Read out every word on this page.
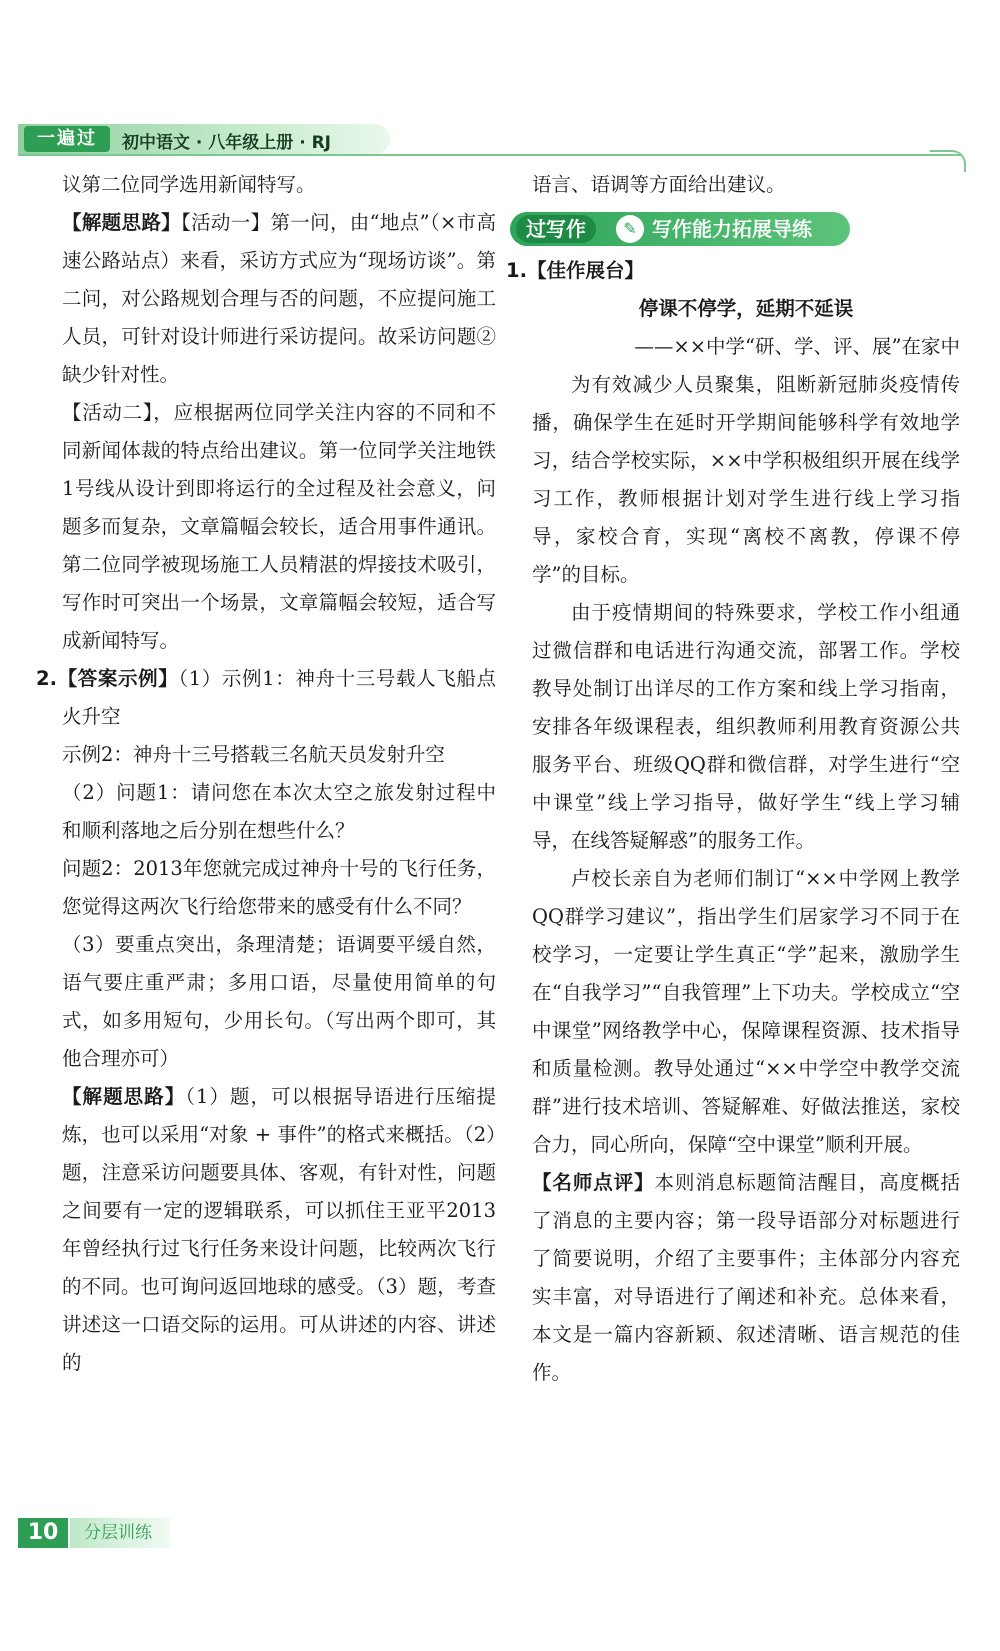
一遍过	初中语文 · 八年级上册 · RJ

议第二位同学选用新闻特写。

【解题思路】【活动一】第一问，由“地点”（×市高速公路站点）来看，采访方式应为“现场访谈”。第二问，对公路规划合理与否的问题，不应提问施工人员，可针对设计师进行采访提问。故采访问题②缺少针对性。

【活动二】，应根据两位同学关注内容的不同和不同新闻体裁的特点给出建议。第一位同学关注地铁1号线从设计到即将运行的全过程及社会意义，问题多而复杂，文章篇幅会较长，适合用事件通讯。第二位同学被现场施工人员精湛的焊接技术吸引，写作时可突出一个场景，文章篇幅会较短，适合写成新闻特写。

2.【答案示例】（1）示例1：神舟十三号载人飞船点火升空

示例2：神舟十三号搭载三名航天员发射升空

（2）问题1：请问您在本次太空之旅发射过程中和顺利落地之后分别在想些什么？

问题2：2013年您就完成过神舟十号的飞行任务，您觉得这两次飞行给您带来的感受有什么不同？

（3）要重点突出，条理清楚；语调要平缓自然，语气要庄重严肃；多用口语，尽量使用简单的句式，如多用短句，少用长句。（写出两个即可，其他合理亦可）

【解题思路】（1）题，可以根据导语进行压缩提炼，也可以采用“对象 + 事件”的格式来概括。（2）题，注意采访问题要具体、客观，有针对性，问题之间要有一定的逻辑联系，可以抓住王亚平2013年曾经执行过飞行任务来设计问题，比较两次飞行的不同。也可询问返回地球的感受。（3）题，考查讲述这一口语交际的运用。可从讲述的内容、讲述的

语言、语调等方面给出建议。

1.【佳作展台】

停课不停学，延期不延误

——××中学“研、学、评、展”在家中

为有效减少人员聚集，阻断新冠肺炎疫情传播，确保学生在延时开学期间能够科学有效地学习，结合学校实际，××中学积极组织开展在线学习工作，教师根据计划对学生进行线上学习指导，家校合育，实现“离校不离教，停课不停学”的目标。

由于疫情期间的特殊要求，学校工作小组通过微信群和电话进行沟通交流，部署工作。学校教导处制订出详尽的工作方案和线上学习指南，安排各年级课程表，组织教师利用教育资源公共服务平台、班级QQ群和微信群，对学生进行“空中课堂”线上学习指导，做好学生“线上学习辅导，在线答疑解惑”的服务工作。

卢校长亲自为老师们制订“××中学网上教学QQ群学习建议”，指出学生们居家学习不同于在校学习，一定要让学生真正“学”起来，激励学生在“自我学习”“自我管理”上下功夫。学校成立“空中课堂”网络教学中心，保障课程资源、技术指导和质量检测。教导处通过“××中学空中教学交流群”进行技术培训、答疑解难、好做法推送，家校合力，同心所向，保障“空中课堂”顺利开展。

【名师点评】本则消息标题简洁醒目，高度概括了消息的主要内容；第一段导语部分对标题进行了简要说明，介绍了主要事件；主体部分内容充实丰富，对导语进行了阐述和补充。总体来看，本文是一篇内容新颖、叙述清晰、语言规范的佳作。

过写作	✎ 写作能力拓展导练
10	分层训练
